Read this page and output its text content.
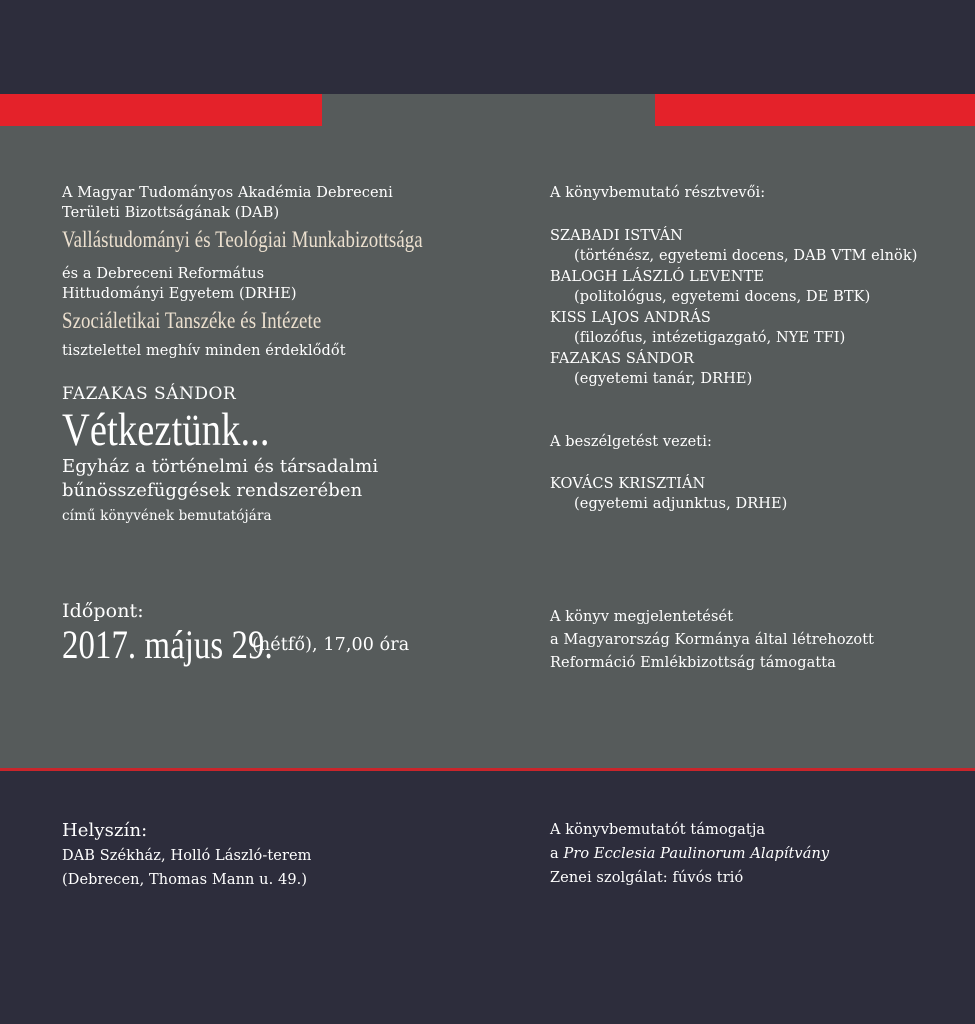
A Magyar Tudományos Akadémia Debreceni
Területi Bizottságának (DAB)
Vallástudományi és Teológiai Munkabizottsága
és a Debreceni Református
Hittudományi Egyetem (DRHE)
Szociáletikai Tanszéke és Intézete
tisztelettel meghív minden érdeklődőt
FAZAKAS SÁNDOR
Vétkeztünk...
Egyház a történelmi és társadalmi
bűnösszefüggések rendszerében
című könyvének bemutatójára
Időpont:
2017. május 29.(hétfő), 17,00 óra
A könyvbemutató résztvevői:
SZABADI ISTVÁN
(történész, egyetemi docens, DAB VTM elnök)
BALOGH LÁSZLÓ LEVENTE
(politológus, egyetemi docens, DE BTK)
KISS LAJOS ANDRÁS
(filozófus, intézetigazgató, NYE TFI)
FAZAKAS SÁNDOR
(egyetemi tanár, DRHE)
A beszélgetést vezeti:
KOVÁCS KRISZTIÁN
(egyetemi adjunktus, DRHE)
A könyv megjelentetését
a Magyarország Kormánya által létrehozott
Reformáció Emlékbizottság támogatta
Helyszín:
DAB Székház, Holló László-terem
(Debrecen, Thomas Mann u. 49.)
A könyvbemutatót támogatja
a Pro Ecclesia Paulinorum Alapítvány
Zenei szolgálat: fúvós trió
